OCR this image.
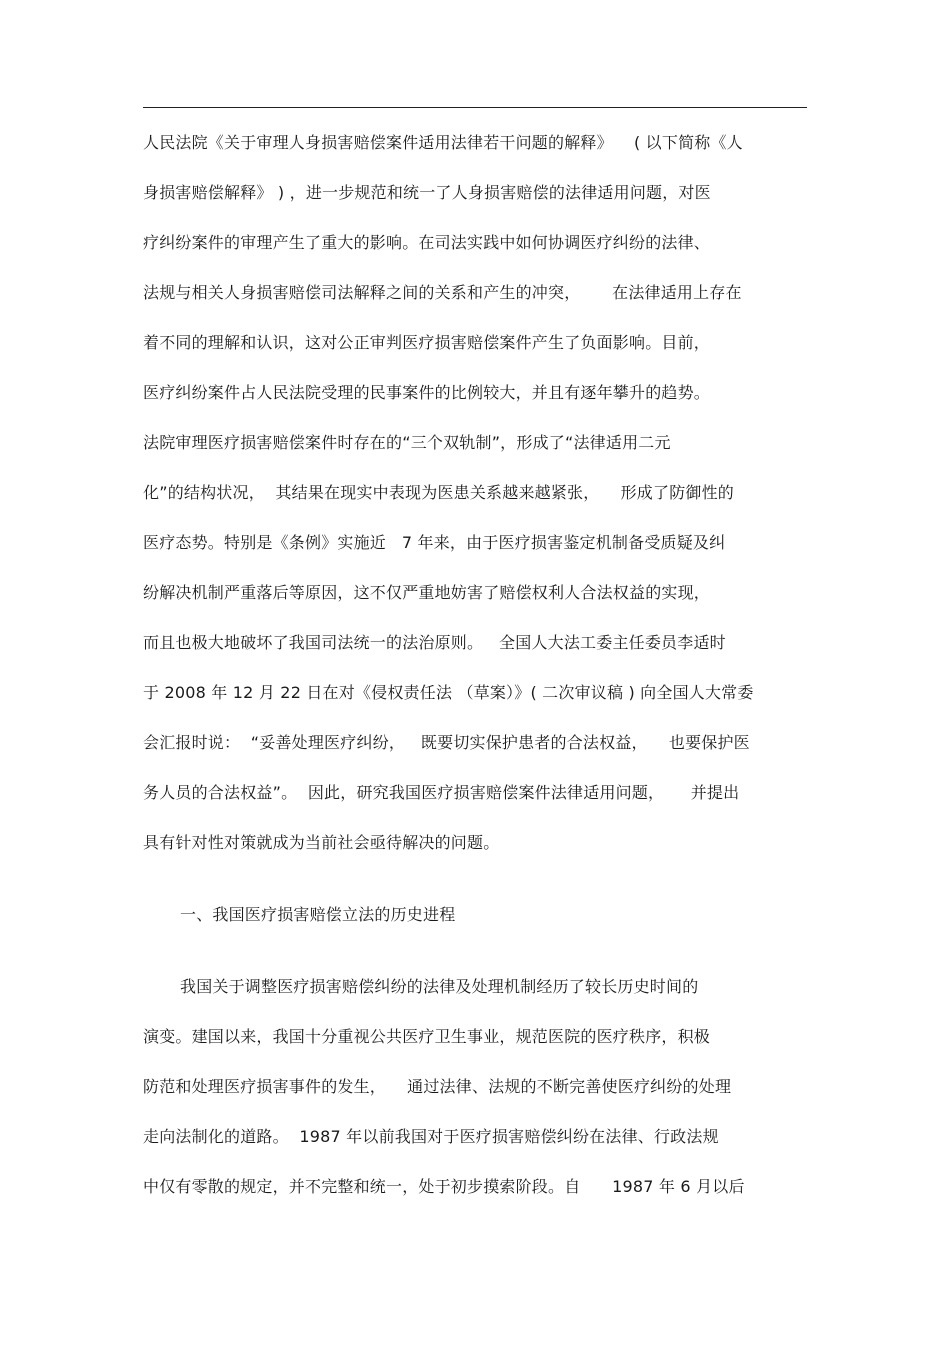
人民法院《关于审理人身损害赔偿案件适用法律若干问题的解释》    ( 以下简称《人
身损害赔偿解释》 ) ，进一步规范和统一了人身损害赔偿的法律适用问题，对医
疗纠纷案件的审理产生了重大的影响。在司法实践中如何协调医疗纠纷的法律、
法规与相关人身损害赔偿司法解释之间的关系和产生的冲突，      在法律适用上存在
着不同的理解和认识，这对公正审判医疗损害赔偿案件产生了负面影响。目前，
医疗纠纷案件占人民法院受理的民事案件的比例较大，并且有逐年攀升的趋势。
法院审理医疗损害赔偿案件时存在的“三个双轨制”，形成了“法律适用二元
化”的结构状况，  其结果在现实中表现为医患关系越来越紧张，    形成了防御性的
医疗态势。特别是《条例》实施近   7 年来，由于医疗损害鉴定机制备受质疑及纠
纷解决机制严重落后等原因，这不仅严重地妨害了赔偿权利人合法权益的实现，
而且也极大地破坏了我国司法统一的法治原则。   全国人大法工委主任委员李适时
于 2008 年 12 月 22 日在对《侵权责任法 （草案）》( 二次审议稿 ) 向全国人大常委
会汇报时说：  “妥善处理医疗纠纷，   既要切实保护患者的合法权益，    也要保护医
务人员的合法权益”。  因此，研究我国医疗损害赔偿案件法律适用问题，     并提出
具有针对性对策就成为当前社会亟待解决的问题。
一、我国医疗损害赔偿立法的历史进程
我国关于调整医疗损害赔偿纠纷的法律及处理机制经历了较长历史时间的
演变。建国以来，我国十分重视公共医疗卫生事业，规范医院的医疗秩序，积极
防范和处理医疗损害事件的发生，    通过法律、法规的不断完善使医疗纠纷的处理
走向法制化的道路。  1987 年以前我国对于医疗损害赔偿纠纷在法律、行政法规
中仅有零散的规定，并不完整和统一，处于初步摸索阶段。自      1987 年 6 月以后
